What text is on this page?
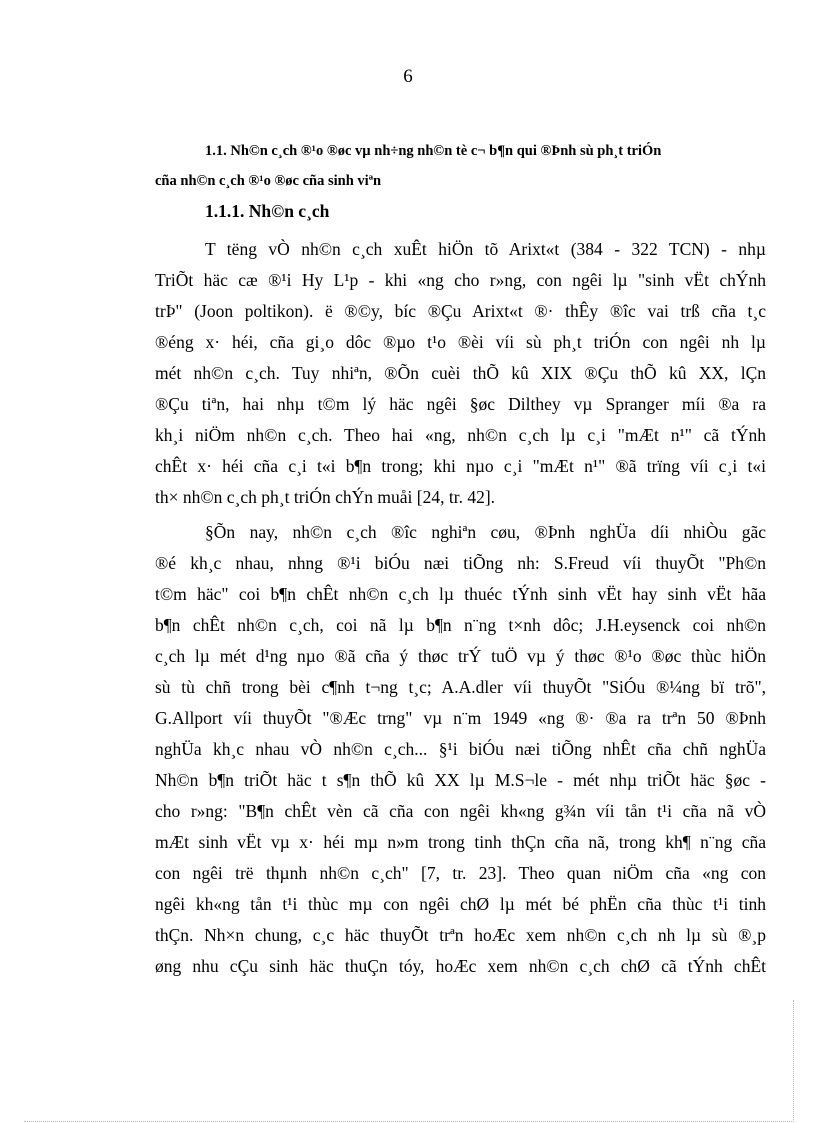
6
1.1. Nh©n c¸ch ®¹o ®øc vµ nh÷ng nh©n tè c¬ b¶n qui ®Þnh sù ph¸t triÓn
cña nh©n c¸ch ®¹o ®øc cña sinh viªn
1.1.1. Nh©n c¸ch
T tëng vÒ nh©n c¸ch xuÊt hiÖn tõ Arixt«t (384 - 322 TCN) - nhµ
TriÕt häc cæ ®¹i Hy L¹p - khi «ng cho r»ng, con ngêi lµ "sinh vËt chÝnh
trÞ" (Joon poltikon). ë ®©y, bíc ®Çu Arixt«t ®· thÊy ®îc vai trß cña t¸c
®éng x· héi, cña gi¸o dôc ®µo t¹o ®èi víi sù ph¸t triÓn con ngêi nh lµ
mét nh©n c¸ch. Tuy nhiªn, ®Õn cuèi thÕ kû XIX ®Çu thÕ kû XX, lÇn
®Çu tiªn, hai nhµ t©m lý häc ngêi §øc Dilthey vµ Spranger míi ®a ra
kh¸i niÖm nh©n c¸ch. Theo hai «ng, nh©n c¸ch lµ c¸i "mÆt n¹" cã tÝnh
chÊt x· héi cña c¸i t«i b¶n trong; khi nµo c¸i "mÆt n¹" ®ã trïng víi c¸i t«i
th× nh©n c¸ch ph¸t triÓn chÝn muåi [24, tr. 42].
§Õn nay, nh©n c¸ch ®îc nghiªn cøu, ®Þnh nghÜa díi nhiÒu gãc
®é kh¸c nhau, nhng ®¹i biÓu næi tiÕng nh: S.Freud víi thuyÕt "Ph©n
t©m häc" coi b¶n chÊt nh©n c¸ch lµ thuéc tÝnh sinh vËt hay sinh vËt hãa
b¶n chÊt nh©n c¸ch, coi nã lµ b¶n n¨ng t×nh dôc; J.H.eysenck coi nh©n
c¸ch lµ mét d¹ng nµo ®ã cña ý thøc trÝ tuÖ vµ ý thøc ®¹o ®øc thùc hiÖn
sù tù chñ trong bèi c¶nh t¬ng t¸c; A.A.dler víi thuyÕt "SiÓu ®¼ng bï trõ",
G.Allport víi thuyÕt "®Æc trng" vµ n¨m 1949 «ng ®· ®a ra trªn 50 ®Þnh
nghÜa kh¸c nhau vÒ nh©n c¸ch... §¹i biÓu næi tiÕng nhÊt cña chñ nghÜa
Nh©n b¶n triÕt häc t s¶n thÕ kû XX lµ M.S¬le - mét nhµ triÕt häc §øc -
cho r»ng: "B¶n chÊt vèn cã cña con ngêi kh«ng g¾n víi tån t¹i cña nã vÒ
mÆt sinh vËt vµ x· héi mµ n»m trong tinh thÇn cña nã, trong kh¶ n¨ng cña
con ngêi trë thµnh nh©n c¸ch" [7, tr. 23]. Theo quan niÖm cña «ng con
ngêi kh«ng tån t¹i thùc mµ con ngêi chØ lµ mét bé phËn cña thùc t¹i tinh
thÇn. Nh×n chung, c¸c häc thuyÕt trªn hoÆc xem nh©n c¸ch nh lµ sù ®¸p
øng nhu cÇu sinh häc thuÇn tóy, hoÆc xem nh©n c¸ch chØ cã tÝnh chÊt
